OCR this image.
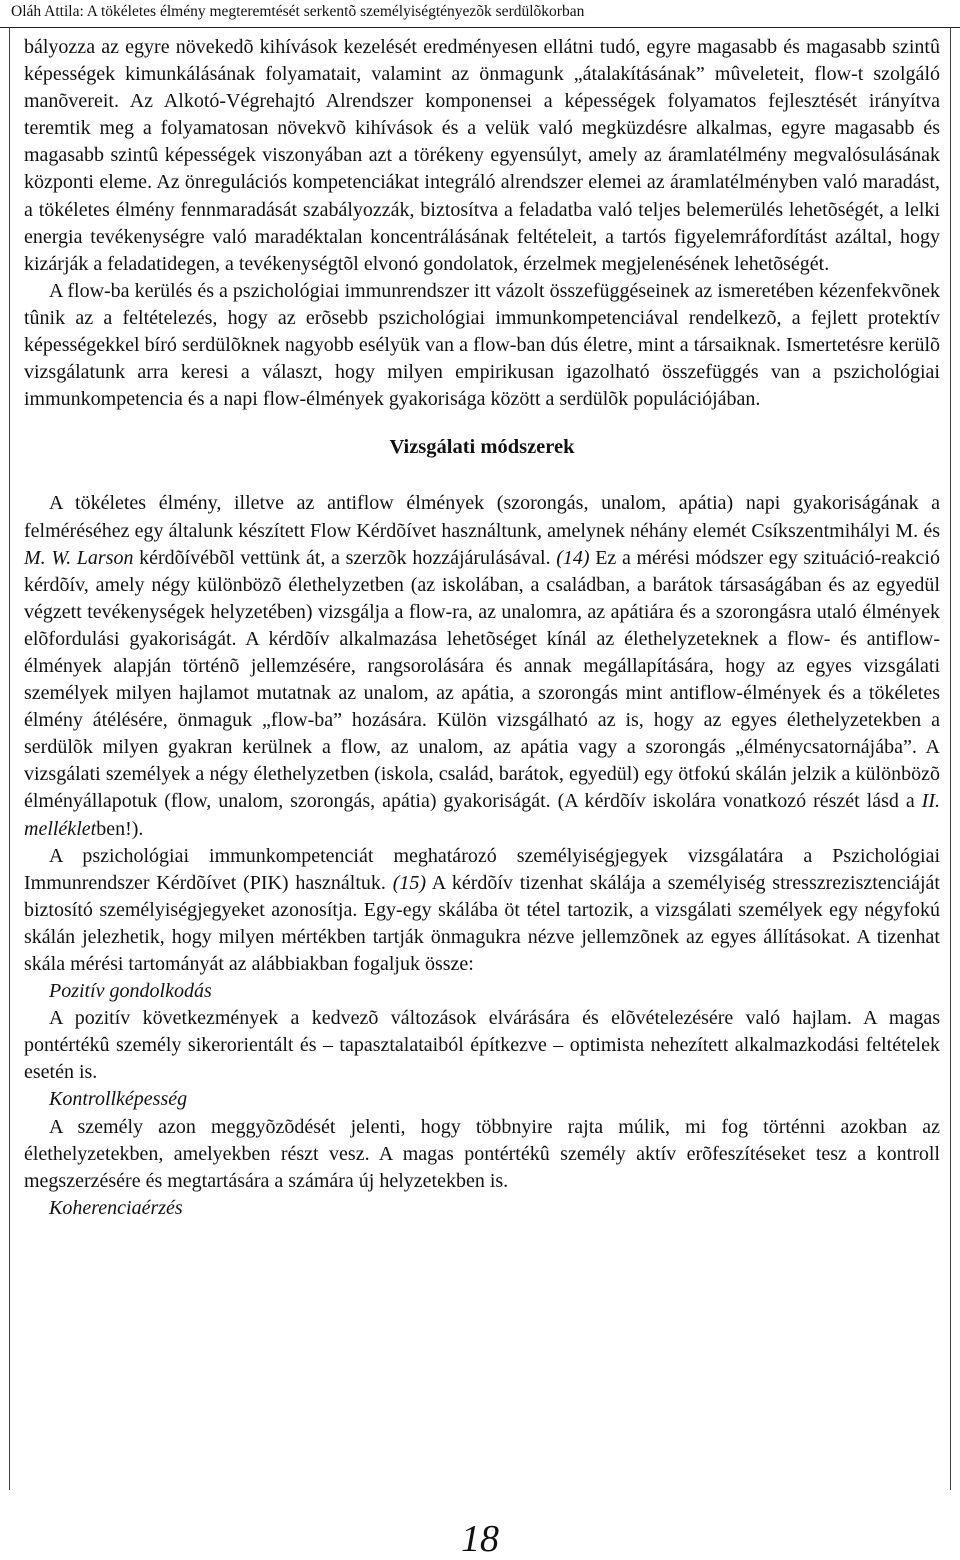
Oláh Attila: A tökéletes élmény megteremtését serkentõ személyiségtényezõk serdülõkorban

bályozza az egyre növekedõ kihívások kezelését eredményesen ellátni tudó, egyre magasabb és magasabb szintû képességek kimunkálásának folyamatait, valamint az önmagunk „átalakításának” mûveleteit, flow-t szolgáló manõvereit. Az Alkotó-Végrehajtó Alrendszer komponensei a képességek folyamatos fejlesztését irányítva teremtik meg a folyamatosan növekvõ kihívások és a velük való megküzdésre alkalmas, egyre magasabb és magasabb szintû képességek viszonyában azt a törékeny egyensúlyt, amely az áramlatélmény megvalósulásának központi eleme. Az önregulációs kompetenciákat integráló alrendszer elemei az áramlatélményben való maradást, a tökéletes élmény fennmaradását szabályozzák, biztosítva a feladatba való teljes belemerülés lehetõségét, a lelki energia tevékenységre való maradéktalan koncentrálásának feltételeit, a tartós figyelemráfordítást azáltal, hogy kizárják a feladatidegen, a tevékenységtõl elvonó gondolatok, érzelmek megjelenésének lehetõségét.

A flow-ba kerülés és a pszichológiai immunrendszer itt vázolt összefüggéseinek az ismeretében kézenfekvõnek tûnik az a feltételezés, hogy az erõsebb pszichológiai immunkompetenciával rendelkezõ, a fejlett protektív képességekkel bíró serdülõknek nagyobb esélyük van a flow-ban dús életre, mint a társaiknak. Ismertetésre kerülõ vizsgálatunk arra keresi a választ, hogy milyen empirikusan igazolható összefüggés van a pszichológiai immunkompetencia és a napi flow-élmények gyakorisága között a serdülõk populációjában.

Vizsgálati módszerek

A tökéletes élmény, illetve az antiflow élmények (szorongás, unalom, apátia) napi gyakoriságának a felméréséhez egy általunk készített Flow Kérdõívet használtunk, amelynek néhány elemét Csíkszentmihályi M. és M. W. Larson kérdõívébõl vettünk át, a szerzõk hozzájárulásával. (14) Ez a mérési módszer egy szituáció-reakció kérdõív, amely négy különbözõ élethelyzetben (az iskolában, a családban, a barátok társaságában és az egyedül végzett tevékenységek helyzetében) vizsgálja a flow-ra, az unalomra, az apátiára és a szorongásra utaló élmények elõfordulási gyakoriságát. A kérdõív alkalmazása lehetõséget kínál az élethelyzeteknek a flow- és antiflow-élmények alapján történõ jellemzésére, rangsorolására és annak megállapítására, hogy az egyes vizsgálati személyek milyen hajlamot mutatnak az unalom, az apátia, a szorongás mint antiflow-élmények és a tökéletes élmény átélésére, önmaguk „flow-ba” hozására. Külön vizsgálható az is, hogy az egyes élethelyzetekben a serdülõk milyen gyakran kerülnek a flow, az unalom, az apátia vagy a szorongás „élménycsatornájába”. A vizsgálati személyek a négy élethelyzetben (iskola, család, barátok, egyedül) egy ötfokú skálán jelzik a különbözõ élményállapotuk (flow, unalom, szorongás, apátia) gyakoriságát. (A kérdõív iskolára vonatkozó részét lásd a II. mellékletben!).

A pszichológiai immunkompetenciát meghatározó személyiségjegyek vizsgálatára a Pszichológiai Immunrendszer Kérdõívet (PIK) használtuk. (15) A kérdõív tizenhat skálája a személyiség stresszrezisztenciáját biztosító személyiségjegyeket azonosítja. Egy-egy skálába öt tétel tartozik, a vizsgálati személyek egy négyfokú skálán jelezhetik, hogy milyen mértékben tartják önmagukra nézve jellemzõnek az egyes állításokat. A tizenhat skála mérési tartományát az alábbiakban fogaljuk össze:

Pozitív gondolkodás

A pozitív következmények a kedvezõ változások elvárására és elõvételezésére való hajlam. A magas pontértékû személy sikerorientált és – tapasztalataiból építkezve – optimista nehezített alkalmazkodási feltételek esetén is.

Kontrollképesség

A személy azon meggyõzõdését jelenti, hogy többnyire rajta múlik, mi fog történni azokban az élethelyzetekben, amelyekben részt vesz. A magas pontértékû személy aktív erõfeszítéseket tesz a kontroll megszerzésére és megtartására a számára új helyzetekben is.

Koherenciaérzés

18
